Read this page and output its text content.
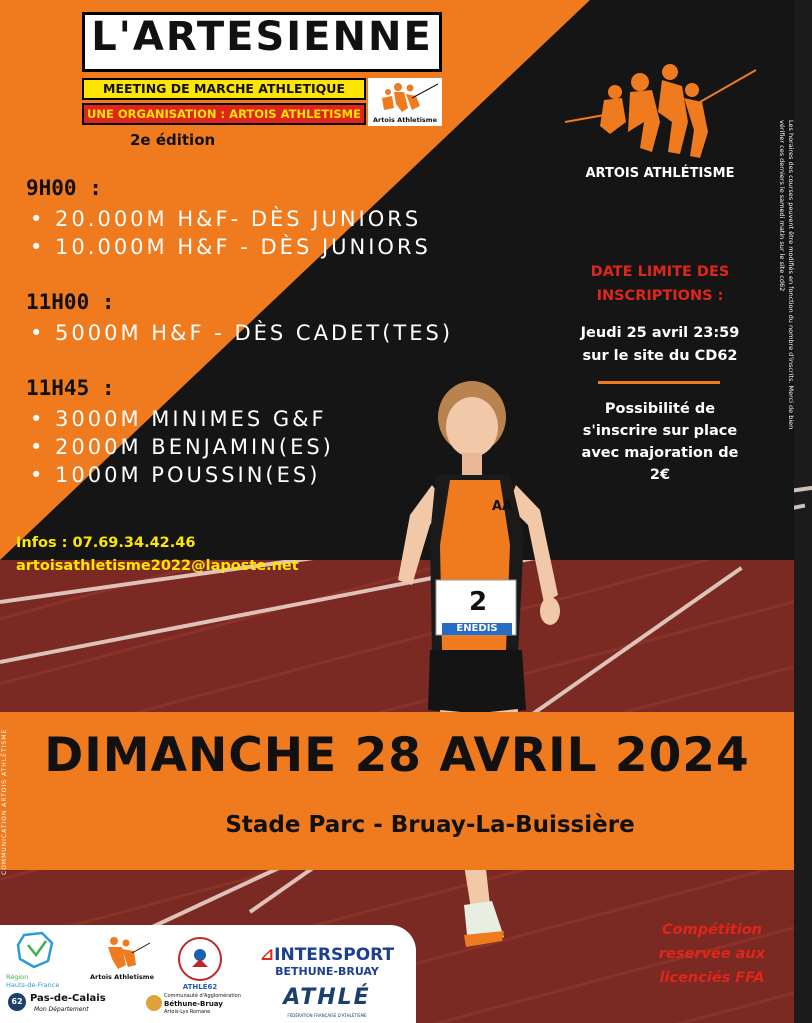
L'ARTESIENNE
MEETING DE MARCHE ATHLETIQUE
UNE ORGANISATION : ARTOIS ATHLETISME	Artois Athletisme
2e édition
9H00 :
• 20.000M H&F- DÈS JUNIORS
• 10.000M H&F - DÈS JUNIORS
11H00 :
• 5000M H&F - DÈS CADET(TES)
11H45 :
• 3000M MINIMES G&F
• 2000M BENJAMIN(ES)
• 1000M POUSSIN(ES)
ARTOIS ATHLÉTISME
DATE LIMITE DES
INSCRIPTIONS :
Jeudi 25 avril 23:59
sur le site du CD62
Possibilité de
s'inscrire sur place
avec majoration de
2€
Les horaires des courses peuvent être modifiés en fonction du nombre d'inscrits. Merci de bien vérifier ces derniers le samedi matin sur le site cd62
Infos : 07.69.34.42.46
artoisathletisme2022@laposte.net
2
ENEDIS
AA
DIMANCHE 28 AVRIL 2024
Stade Parc - Bruay-La-Buissière
COMMUNICATION ARTOIS ATHLÉTISME
Région
Hauts-de-France
62 Pas-de-Calais
Mon Département
Artois Athletisme
ATHLÉ62
Communauté d'Agglomération
Béthune-Bruay
Artois-Lys Romane
⊿INTERSPORT
BETHUNE-BRUAY
ATHLÉ
FÉDÉRATION FRANÇAISE D'ATHLÉTISME
Compétition
reservée aux
licenciés FFA
